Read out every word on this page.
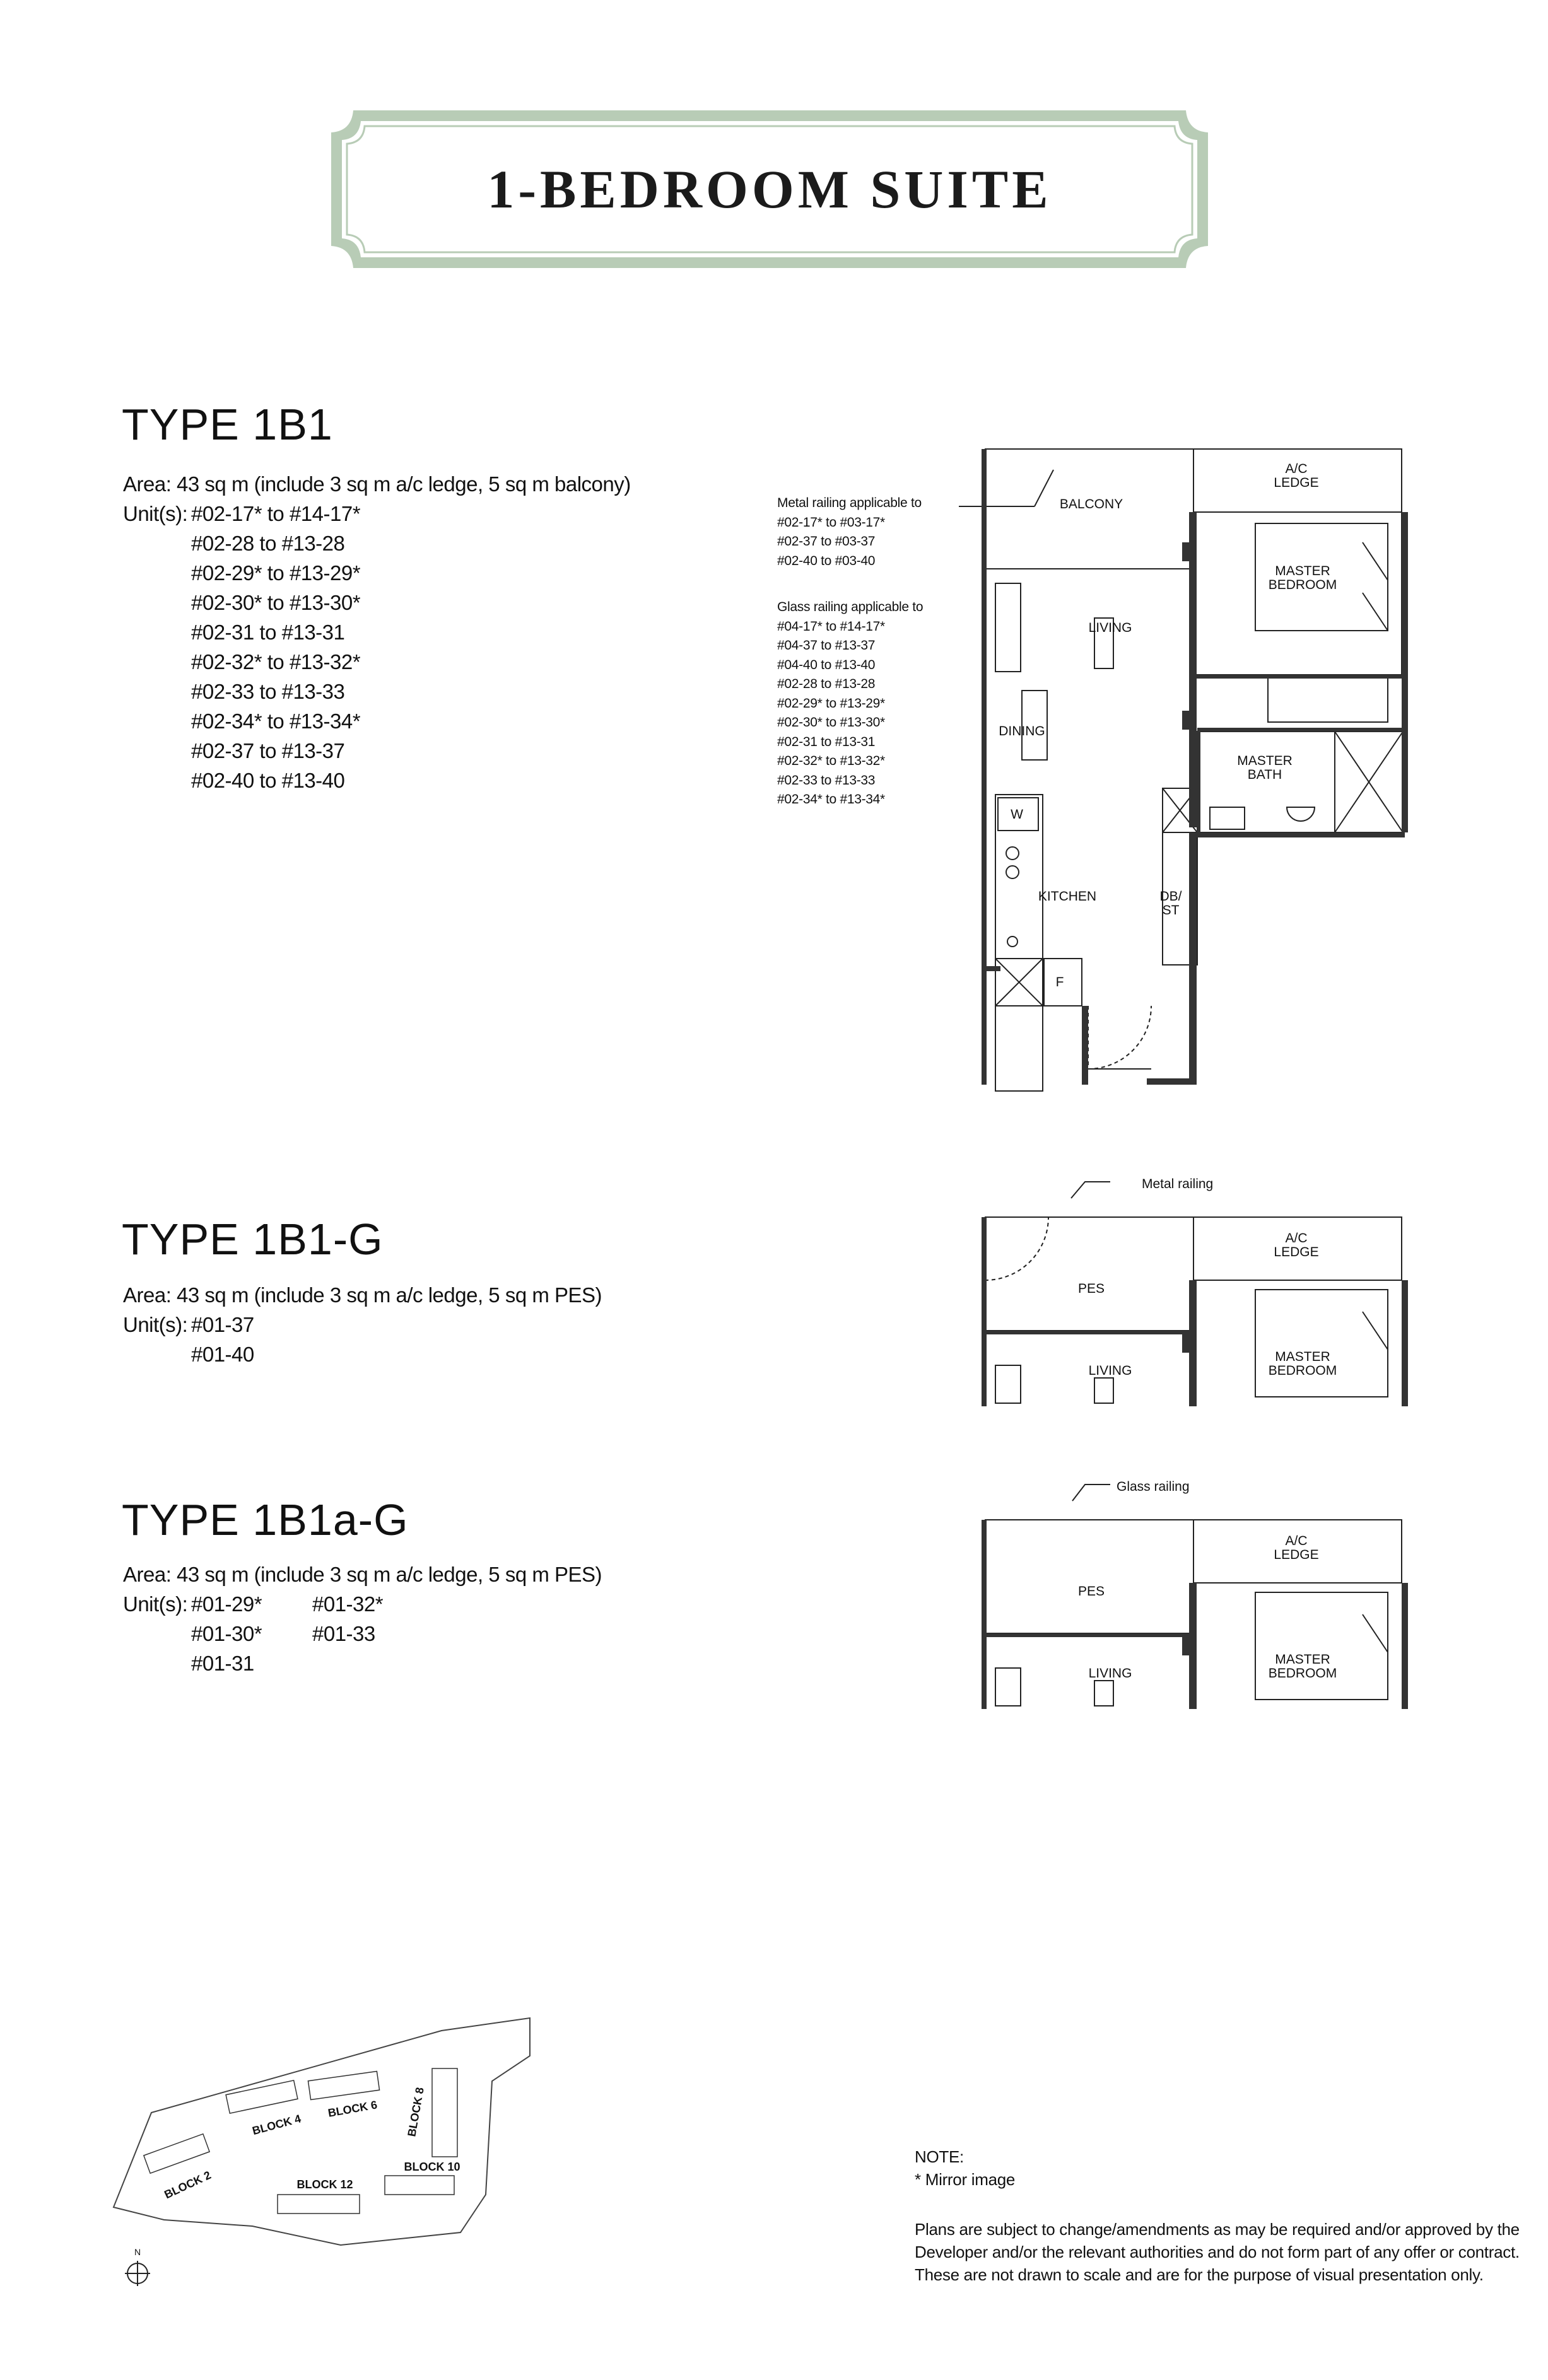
1-BEDROOM SUITE
TYPE 1B1
Area: 43 sq m (include 3 sq m a/c ledge, 5 sq m balcony)
Unit(s): #02-17* to #14-17*
#02-28 to #13-28
#02-29* to #13-29*
#02-30* to #13-30*
#02-31 to #13-31
#02-32* to #13-32*
#02-33 to #13-33
#02-34* to #13-34*
#02-37 to #13-37
#02-40 to #13-40
Metal railing applicable to
#02-17* to #03-17*
#02-37 to #03-37
#02-40 to #03-40
Glass railing applicable to
#04-17* to #14-17*
#04-37 to #13-37
#04-40 to #13-40
#02-28 to #13-28
#02-29* to #13-29*
#02-30* to #13-30*
#02-31 to #13-31
#02-32* to #13-32*
#02-33 to #13-33
#02-34* to #13-34*
BALCONY
A/C
LEDGE
MASTER
BEDROOM
LIVING
DINING
MASTER
BATH
W
KITCHEN	DB/
ST
F
TYPE 1B1-G
Area: 43 sq m (include 3 sq m a/c ledge, 5 sq m PES)
Unit(s): #01-37
#01-40
Metal railing
PES
A/C
LEDGE
MASTER
BEDROOM
LIVING
TYPE 1B1a-G
Area: 43 sq m (include 3 sq m a/c ledge, 5 sq m PES)
Unit(s): #01-29*
#01-30*
#01-31
#01-32*
#01-33
Glass railing
PES
A/C
LEDGE
MASTER
BEDROOM
LIVING
BLOCK 2
BLOCK 4
BLOCK 6 BLOCK 8
BLOCK 10
BLOCK 12
N
NOTE:
* Mirror image
Plans are subject to change/amendments as may be required and/or approved by the
Developer and/or the relevant authorities and do not form part of any offer or contract.
These are not drawn to scale and are for the purpose of visual presentation only.
